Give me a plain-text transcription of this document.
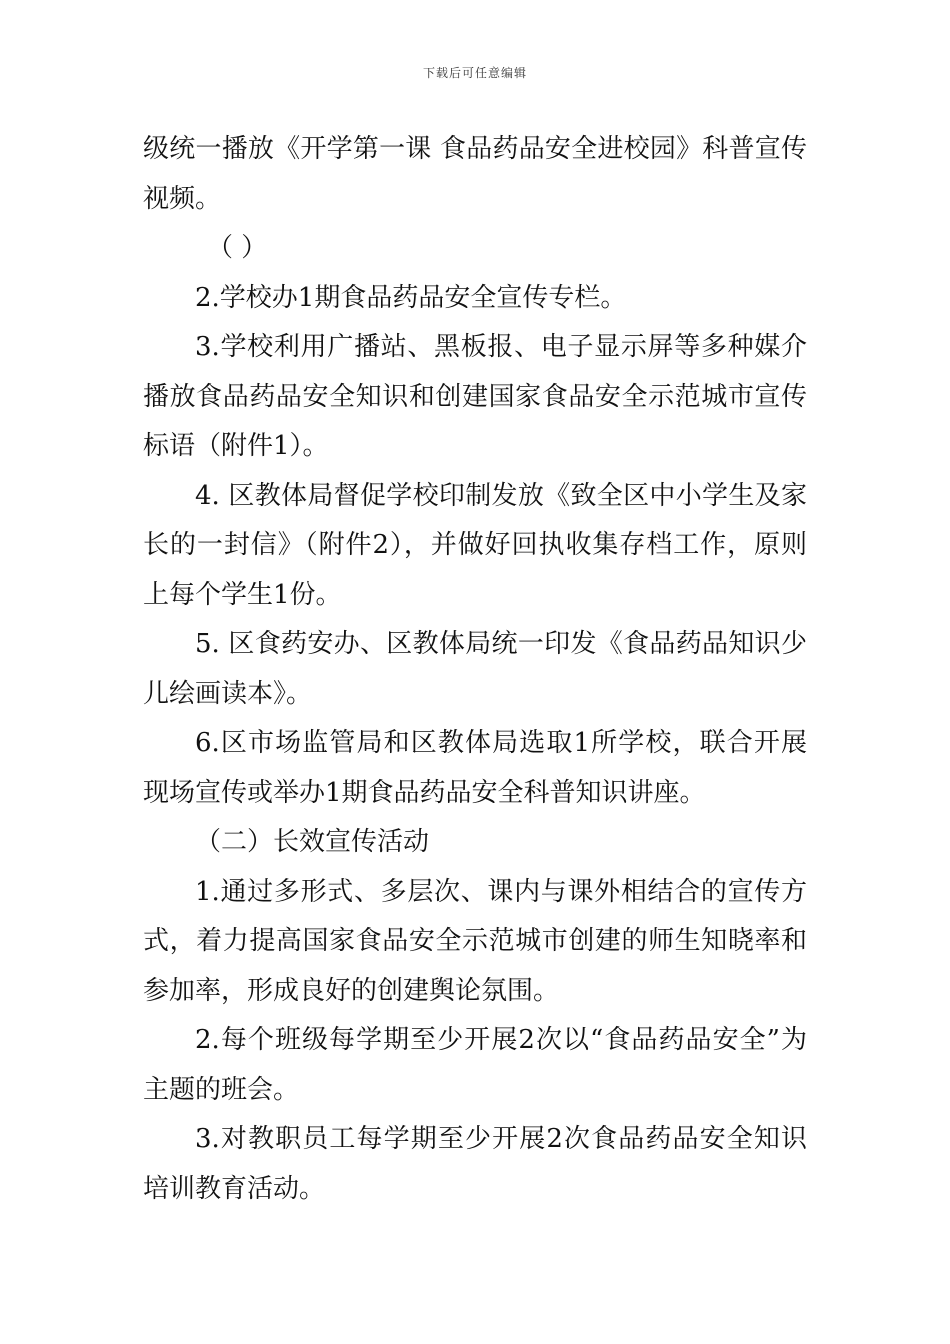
下载后可任意编辑

级统一播放《开学第一课 食品药品安全进校园》科普宣传视频。

（ ）

2.学校办1期食品药品安全宣传专栏。

3.学校利用广播站、黑板报、电子显示屏等多种媒介播放食品药品安全知识和创建国家食品安全示范城市宣传标语（附件1）。

4. 区教体局督促学校印制发放《致全区中小学生及家长的一封信》（附件2），并做好回执收集存档工作，原则上每个学生1份。

5. 区食药安办、区教体局统一印发《食品药品知识少儿绘画读本》。

6.区市场监管局和区教体局选取1所学校，联合开展现场宣传或举办1期食品药品安全科普知识讲座。

（二）长效宣传活动

1.通过多形式、多层次、课内与课外相结合的宣传方式，着力提高国家食品安全示范城市创建的师生知晓率和参加率，形成良好的创建舆论氛围。

2.每个班级每学期至少开展2次以“食品药品安全”为主题的班会。

3.对教职员工每学期至少开展2次食品药品安全知识培训教育活动。
